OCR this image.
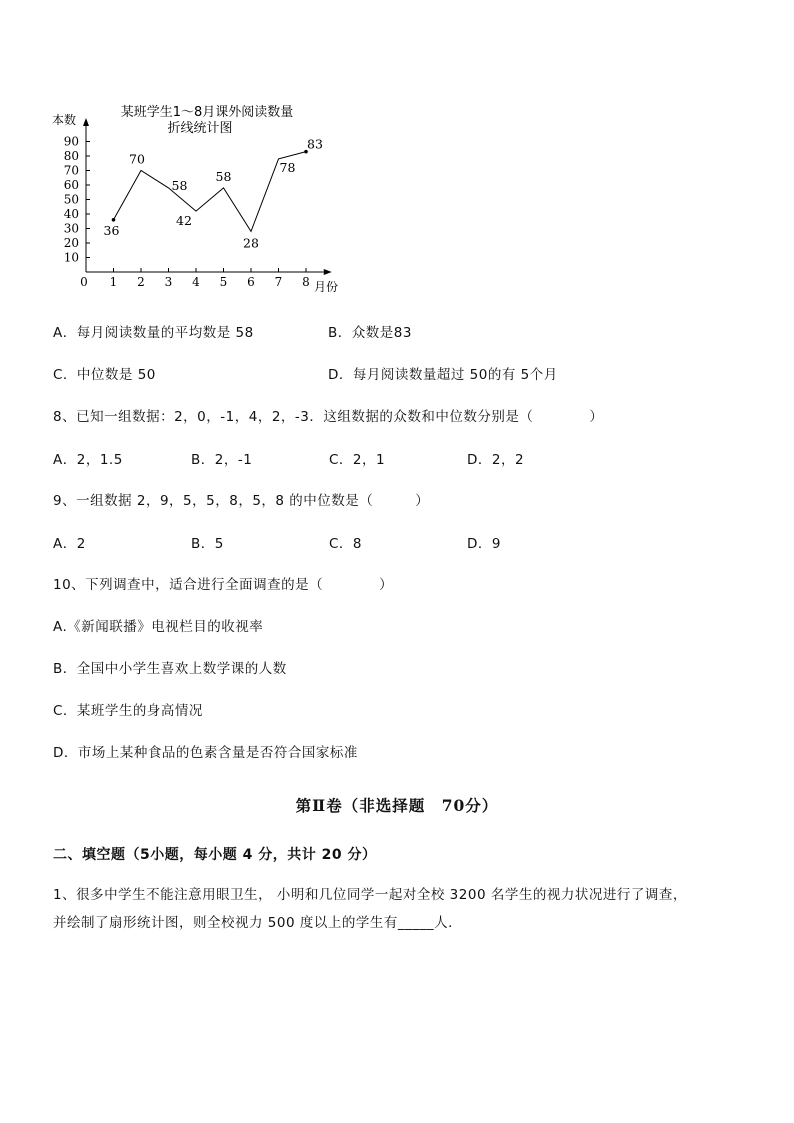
某班学生1～8月课外阅读数量
折线统计图
本数
月份
90
80
70
60
50
40
30
20
10
0 1 2 3 4 5 6 7 8
36
70
58
42
58
28
78
83
A．每月阅读数量的平均数是 58	B．众数是83
C．中位数是 50	D．每月阅读数量超过 50的有 5个月
8、已知一组数据：2，0，-1，4，2，-3．这组数据的众数和中位数分别是（　　　　）
A．2，1.5	B．2，-1	C．2，1	D．2，2
9、一组数据 2，9，5，5，8，5，8 的中位数是（　　　）
A．2	B．5	C．8	D．9
10、下列调查中，适合进行全面调查的是（　　　　）
A.《新闻联播》电视栏目的收视率
B．全国中小学生喜欢上数学课的人数
C．某班学生的身高情况
D．市场上某种食品的色素含量是否符合国家标准
第Ⅱ卷（非选择题　70分）
二、填空题（5小题，每小题 4 分，共计 20 分）
1、很多中学生不能注意用眼卫生， 小明和几位同学一起对全校 3200 名学生的视力状况进行了调查，
并绘制了扇形统计图，则全校视力 500 度以上的学生有_____人．
